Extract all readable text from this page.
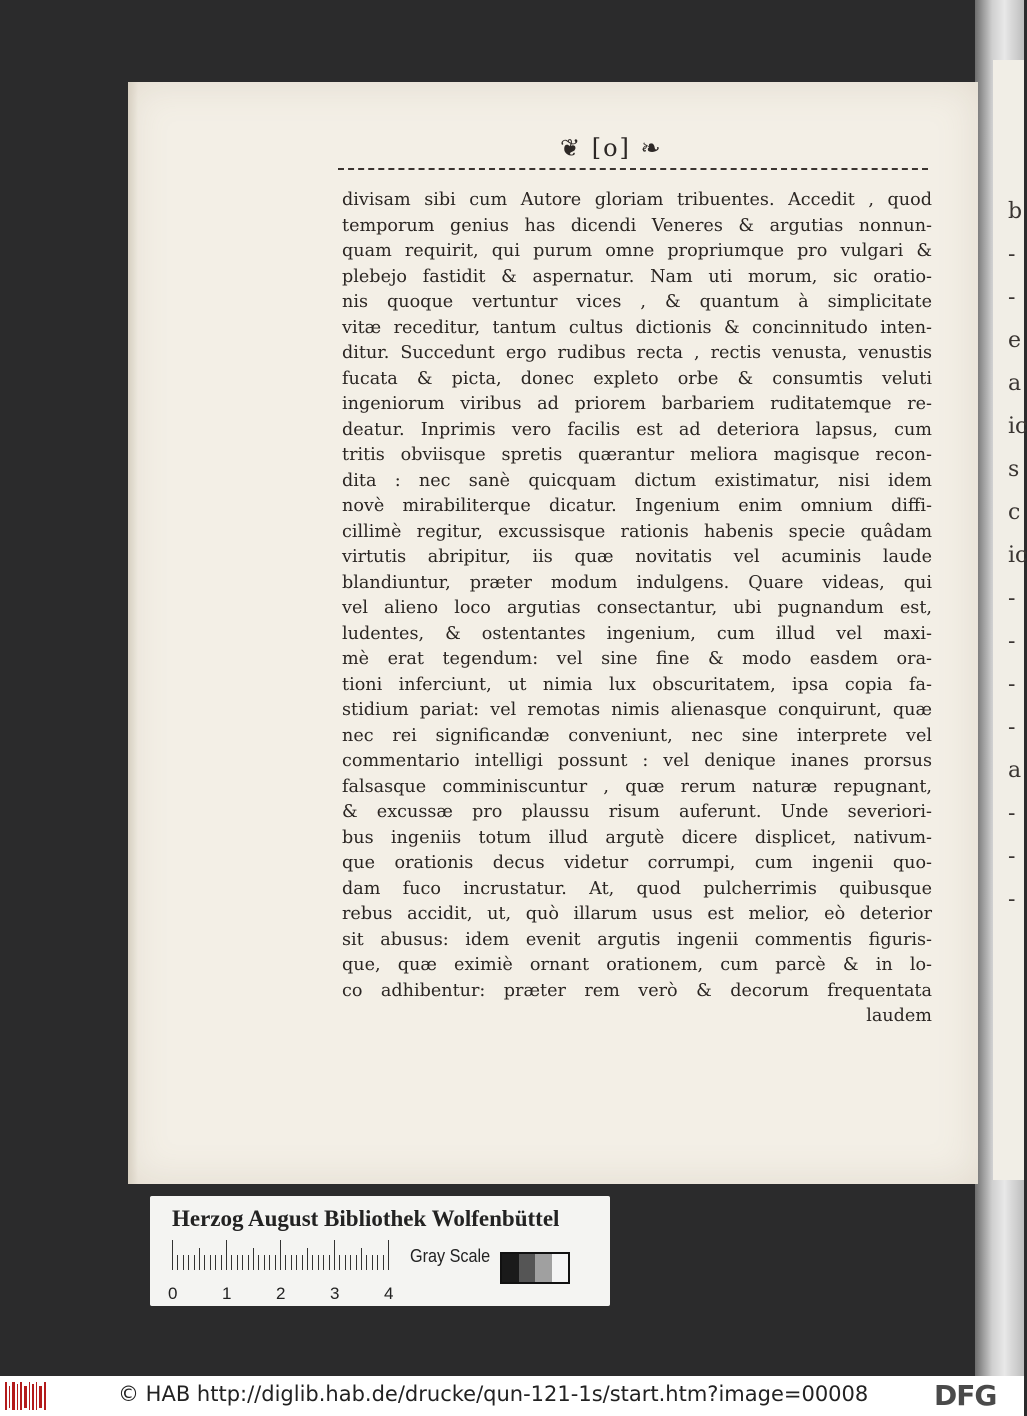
b
-
-
e
a
ic
s
c
ic
-
-
-
-
a
-
-
-
❦ [o] ❧
divisam sibi cum Autore gloriam tribuentes. Accedit , quod
temporum genius has dicendi Veneres & argutias nonnun-
quam requirit, qui purum omne propriumque pro vulgari &
plebejo fastidit & aspernatur. Nam uti morum, sic oratio-
nis quoque vertuntur vices , & quantum à simplicitate
vitæ receditur, tantum cultus dictionis & concinnitudo inten-
ditur. Succedunt ergo rudibus recta , rectis venusta, venustis
fucata & picta, donec expleto orbe & consumtis veluti
ingeniorum viribus ad priorem barbariem ruditatemque re-
deatur. Inprimis vero facilis est ad deteriora lapsus, cum
tritis obviisque spretis quærantur meliora magisque recon-
dita : nec sanè quicquam dictum existimatur, nisi idem
novè mirabiliterque dicatur. Ingenium enim omnium diffi-
cillimè regitur, excussisque rationis habenis specie quâdam
virtutis abripitur, iis quæ novitatis vel acuminis laude
blandiuntur, præter modum indulgens. Quare videas, qui
vel alieno loco argutias consectantur, ubi pugnandum est,
ludentes, & ostentantes ingenium, cum illud vel maxi-
mè erat tegendum: vel sine fine & modo easdem ora-
tioni inferciunt, ut nimia lux obscuritatem, ipsa copia fa-
stidium pariat: vel remotas nimis alienasque conquirunt, quæ
nec rei significandæ conveniunt, nec sine interprete vel
commentario intelligi possunt : vel denique inanes prorsus
falsasque comminiscuntur , quæ rerum naturæ repugnant,
& excussæ pro plaussu risum auferunt. Unde severiori-
bus ingeniis totum illud argutè dicere displicet, nativum-
que orationis decus videtur corrumpi, cum ingenii quo-
dam fuco incrustatur. At, quod pulcherrimis quibusque
rebus accidit, ut, quò illarum usus est melior, eò deterior
sit abusus: idem evenit argutis ingenii commentis figuris-
que, quæ eximiè ornant orationem, cum parcè & in lo-
co adhibentur: præter rem verò & decorum frequentata
laudem
Herzog August Bibliothek Wolfenbüttel
0	1	2	3	4
Gray Scale
© HAB http://diglib.hab.de/drucke/qun-121-1s/start.htm?image=00008 DFG
